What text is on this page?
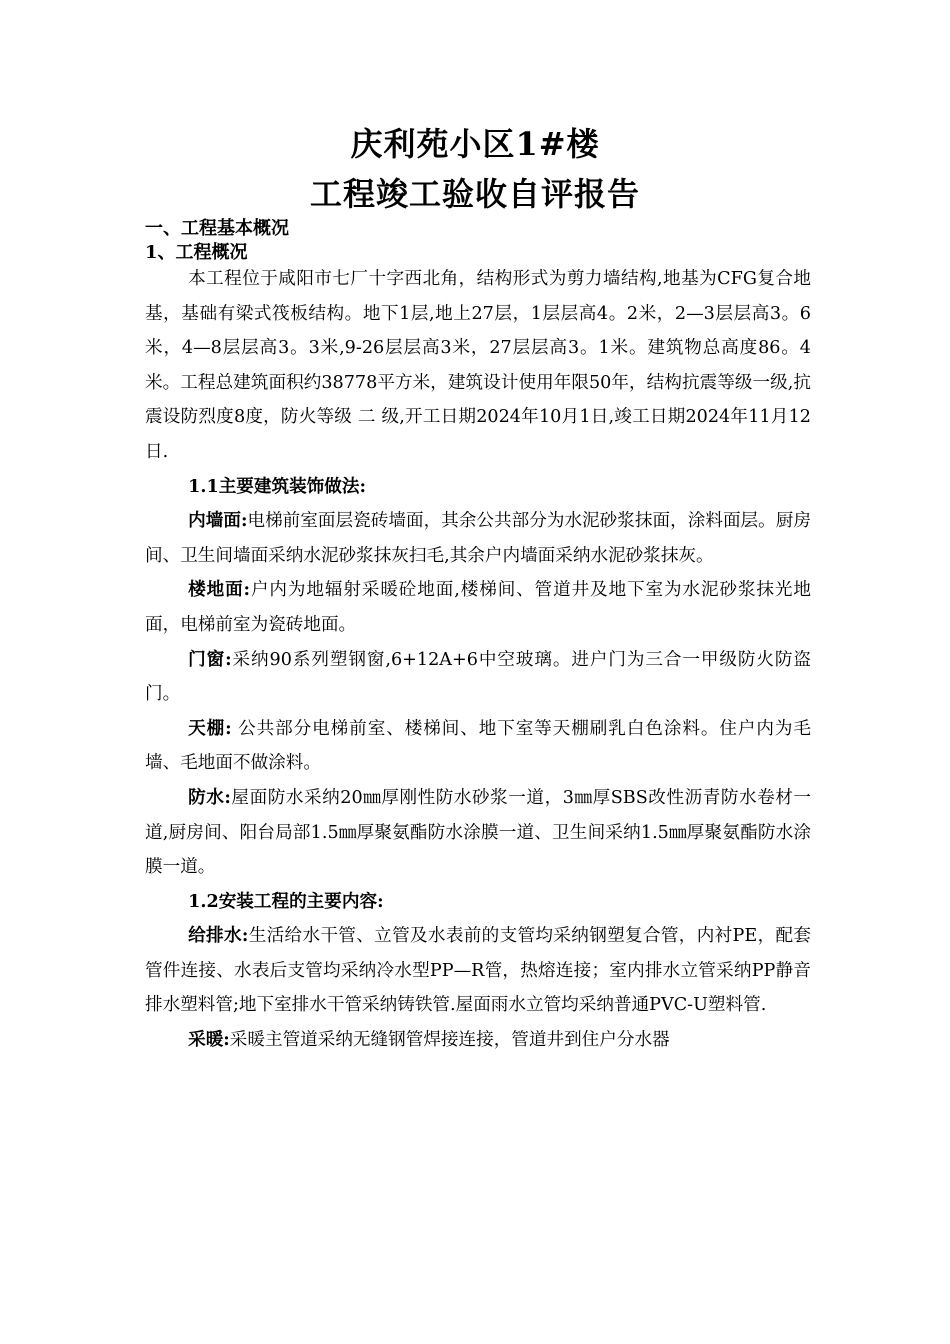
庆利苑小区1#楼
工程竣工验收自评报告
一、工程基本概况
1、工程概况

本工程位于咸阳市七厂十字西北角，结构形式为剪力墙结构,地基为CFG复合地基，基础有梁式筏板结构。地下1层,地上27层，1层层高4。2米，2—3层层高3。6米，4—8层层高3。3米,9-26层层高3米，27层层高3。1米。建筑物总高度86。4米。工程总建筑面积约38778平方米，建筑设计使用年限50年，结构抗震等级一级,抗震设防烈度8度，防火等级 二 级,开工日期2024年10月1日,竣工日期2024年11月12日.

1.1主要建筑装饰做法:

内墙面:电梯前室面层瓷砖墙面，其余公共部分为水泥砂浆抹面，涂料面层。厨房间、卫生间墙面采纳水泥砂浆抹灰扫毛,其余户内墙面采纳水泥砂浆抹灰。

楼地面:户内为地辐射采暖砼地面,楼梯间、管道井及地下室为水泥砂浆抹光地面，电梯前室为瓷砖地面。

门窗:采纳90系列塑钢窗,6+12A+6中空玻璃。进户门为三合一甲级防火防盗门。

天棚: 公共部分电梯前室、楼梯间、地下室等天棚刷乳白色涂料。住户内为毛墙、毛地面不做涂料。

防水:屋面防水采纳20㎜厚刚性防水砂浆一道，3㎜厚SBS改性沥青防水卷材一道,厨房间、阳台局部1.5㎜厚聚氨酯防水涂膜一道、卫生间采纳1.5㎜厚聚氨酯防水涂膜一道。

1.2安装工程的主要内容:

给排水:生活给水干管、立管及水表前的支管均采纳钢塑复合管，内衬PE，配套管件连接、水表后支管均采纳冷水型PP—R管，热熔连接；室内排水立管采纳PP静音排水塑料管;地下室排水干管采纳铸铁管.屋面雨水立管均采纳普通PVC-U塑料管.

采暖:采暖主管道采纳无缝钢管焊接连接，管道井到住户分水器
